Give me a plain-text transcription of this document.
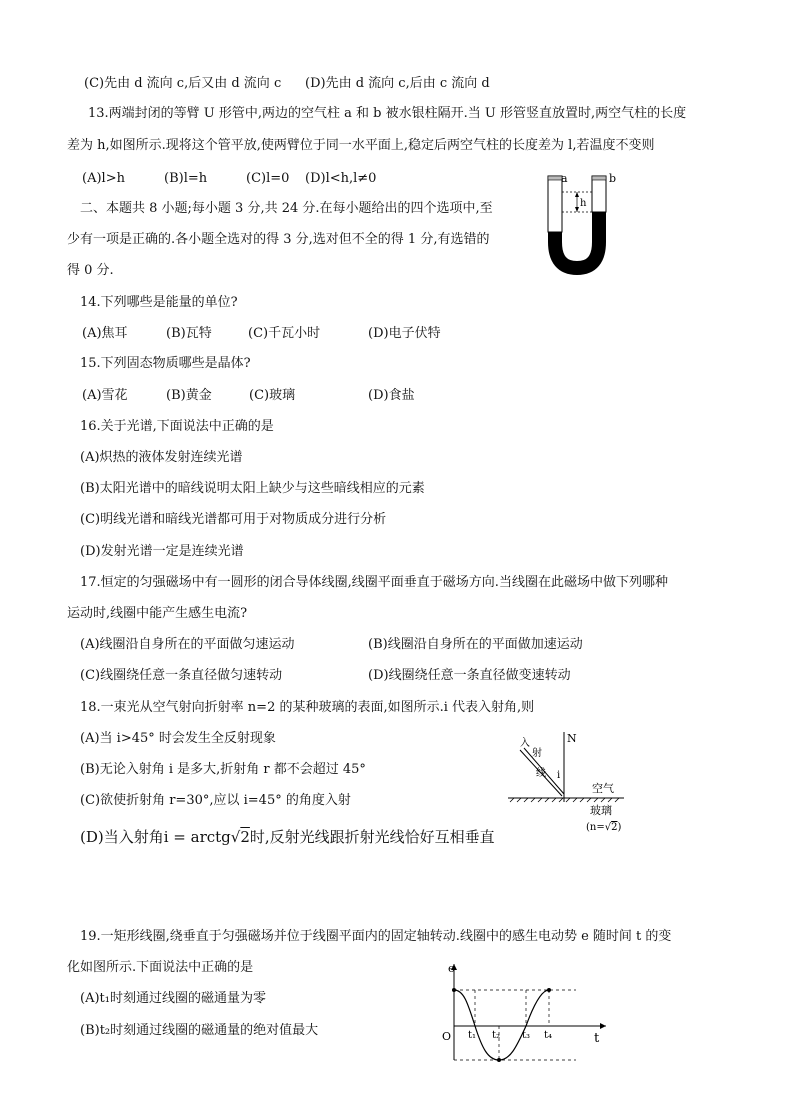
(C)先由 d 流向 c,后又由 d 流向 c (D)先由 d 流向 c,后由 c 流向 d
13.两端封闭的等臂 U 形管中,两边的空气柱 a 和 b 被水银柱隔开.当 U 形管竖直放置时,两空气柱的长度
差为 h,如图所示.现将这个管平放,使两臂位于同一水平面上,稳定后两空气柱的长度差为 l,若温度不变则
(A)l>h	(B)l=h	(C)l=0 (D)l<h,l≠0
h
a	b
二、本题共 8 小题;每小题 3 分,共 24 分.在每小题给出的四个选项中,至
少有一项是正确的.各小题全选对的得 3 分,选对但不全的得 1 分,有选错的
得 0 分.
14.下列哪些是能量的单位?
(A)焦耳	(B)瓦特	(C)千瓦小时	(D)电子伏特
15.下列固态物质哪些是晶体?
(A)雪花	(B)黄金	(C)玻璃	(D)食盐
16.关于光谱,下面说法中正确的是
(A)炽热的液体发射连续光谱
(B)太阳光谱中的暗线说明太阳上缺少与这些暗线相应的元素
(C)明线光谱和暗线光谱都可用于对物质成分进行分析
(D)发射光谱一定是连续光谱
17.恒定的匀强磁场中有一圆形的闭合导体线圈,线圈平面垂直于磁场方向.当线圈在此磁场中做下列哪种
运动时,线圈中能产生感生电流?
(A)线圈沿自身所在的平面做匀速运动	(B)线圈沿自身所在的平面做加速运动
(C)线圈绕任意一条直径做匀速转动	(D)线圈绕任意一条直径做变速转动
18.一束光从空气射向折射率 n=2 的某种玻璃的表面,如图所示.i 代表入射角,则
(A)当 i>45° 时会发生全反射现象
(B)无论入射角 i 是多大,折射角 r 都不会超过 45°
(C)欲使折射角 r=30°,应以 i=45° 的角度入射
(D)当入射角i = arctg√2时,反射光线跟折射光线恰好互相垂直
N
入
射
线 i
空气
玻璃
(n=√2)
19.一矩形线圈,绕垂直于匀强磁场并位于线圈平面内的固定轴转动.线圈中的感生电动势 e 随时间 t 的变
化如图所示.下面说法中正确的是
(A)t₁时刻通过线圈的磁通量为零
(B)t₂时刻通过线圈的磁通量的绝对值最大
e
O	t
t₁ t₂ t₃ t₄
